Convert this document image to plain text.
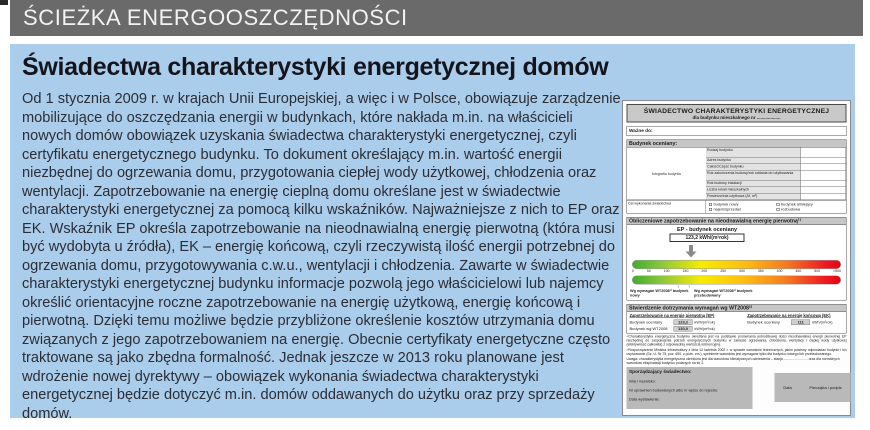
ŚCIEŻKA ENERGOOSZCZĘDNOŚCI
Świadectwa charakterystyki energetycznej domów

Od 1 stycznia 2009 r. w krajach Unii Europejskiej, a więc i w Polsce, obowiązuje zarządzenie mobilizujące do oszczędzania energii w budynkach, które nakłada m.in. na właścicieli nowych domów obowiązek uzyskania świadectwa charakterystyki energetycznej, czyli certyfikatu energetycznego budynku. To dokument określający m.in. wartość energii niezbędnej do ogrzewania domu, przygotowania ciepłej wody użytkowej, chłodzenia oraz wentylacji. Zapotrzebowanie na energię cieplną domu określane jest w świadectwie charakterystyki energetycznej za pomocą kilku wskaźników. Najważniejsze z nich to EP oraz EK. Wskaźnik EP określa zapotrzebowanie na nieodnawialną energię pierwotną (która musi być wydobyta u źródła), EK – energię końcową, czyli rzeczywistą ilość energii potrzebnej do ogrzewania domu, przygotowywania c.w.u., wentylacji i chłodzenia. Zawarte w świadectwie charakterystyki energetycznej budynku informacje pozwolą jego właścicielowi lub najemcy określić orientacyjne roczne zapotrzebowanie na energię użytkową, energię końcową i pierwotną. Dzięki temu możliwe będzie przybliżone określenie kosztów utrzymania domu związanych z jego zapotrzebowaniem na energię. Obecnie certyfikaty energetyczne często traktowane są jako zbędna formalność. Jednak jeszcze w 2013 roku planowane jest wdrożenie nowej dyrektywy – obowiązek wykonania świadectwa charakterystyki energetycznej będzie dotyczyć m.in. domów oddawanych do użytku oraz przy sprzedaży domów.

ŚWIADECTWO CHARAKTERYSTYKI ENERGETYCZNEJ
dla budynku mieszkalnego nr ...................
Ważne do:
Budynek oceniany:
Rodzaj budynku
fotografia budynku
Adres budynku
Całość/Część budynku
Rok zakończenia budowy/rok oddania do użytkowania
Rok budowy instalacji
Liczba lokali mieszkalnych
Powierzchnia użytkowa (Af, m²)
Cel wykonania świadectwa	budynek nowy	budynek istniejący
najem/sprzedaż	rozbudowa
Obliczeniowe zapotrzebowanie na nieodnawialną energię pierwotną¹⁾
EP - budynek oceniany
123,2 kWh/(m²rok)
0 50 100 150 200 250 300 350 400 450 500 >500
↑ ↑
Wg wymagań WT2008¹⁾ budynek nowy
Wg wymagań WT2008¹⁾ budynek przebudowany
Stwierdzenie dotrzymania wymagań wg WT2008²⁾
Zapotrzebowanie na energię pierwotną (EP)
Budynek oceniany	123,2 kWh/(m²rok)
Budynek wg WT2008	130,0 kWh/(m²rok)
Zapotrzebowanie na energię końcową (EK)
Budynek oceniany	111	kWh/(m²rok)
¹⁾Charakterystyka energetyczna budynku określana jest na podstawie porównania jednostkowej ilości nieodnawialnej energii pierwotnej EP niezbędnej do zaspokojenia potrzeb energetycznych budynku w zakresie ogrzewania, chłodzenia, wentylacji i ciepłej wody użytkowej (efektywność całkowita) z odpowiednią wartością referencyjną.
²⁾Rozporządzenie Ministra Infrastruktury z dnia 12 kwietnia 2002 r. w sprawie warunków technicznych, jakim powinny odpowiadać budynki i ich usytuowanie (Dz. U. Nr 75, poz. 690, z późn. zm.), spełnienie warunków jest wymagane tylko dla budynku nowego lub przebudowanego.
Uwaga: charakterystyka energetyczna określona jest dla warunków klimatycznych odniesienia – stacja ......................... oraz dla normalnych warunków eksploatacji budynku podanych na str 2.
Sporządzający świadectwo:
Imię i nazwisko:
Nr uprawnień budowlanych albo nr wpisu do rejestru:
Data wystawienia:
Data Pieczątka i podpis
